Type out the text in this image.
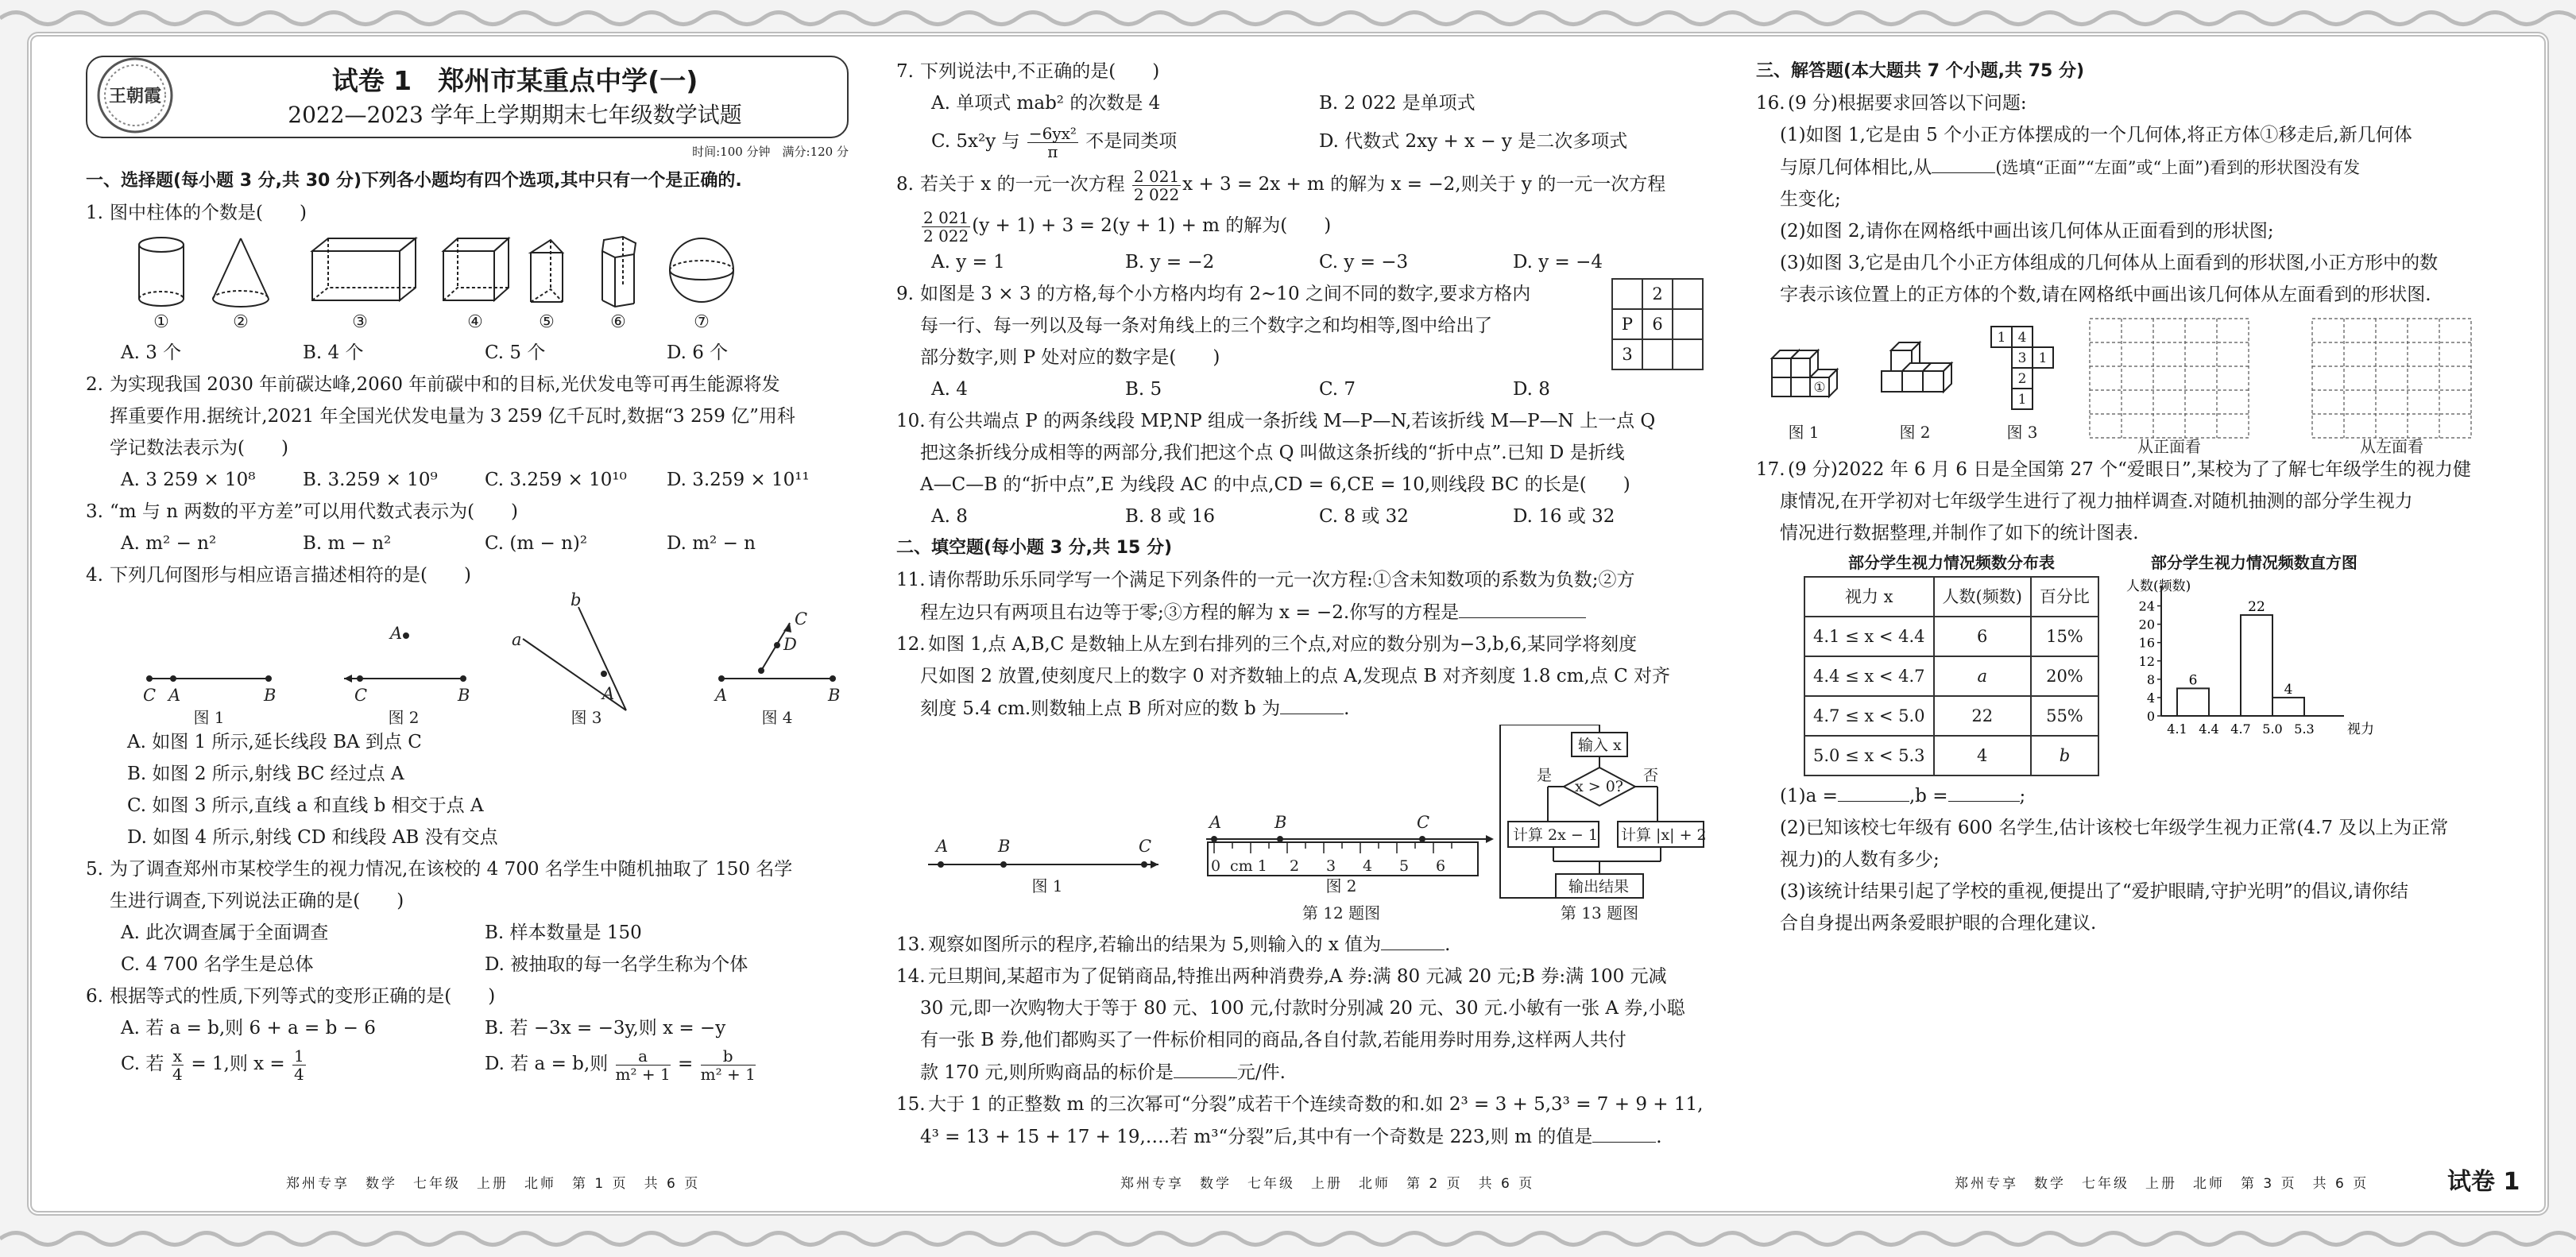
王朝霞	试卷 1　郑州市某重点中学(一)
2022—2023 学年上学期期末七年级数学试题
时间:100 分钟　满分:120 分
一、选择题(每小题 3 分,共 30 分)下列各小题均有四个选项,其中只有一个是正确的.
1. 图中柱体的个数是(　　)
①	②	③	④	⑤	⑥	⑦
A. 3 个	B. 4 个	C. 5 个	D. 6 个
2. 为实现我国 2030 年前碳达峰,2060 年前碳中和的目标,光伏发电等可再生能源将发
挥重要作用.据统计,2021 年全国光伏发电量为 3 259 亿千瓦时,数据“3 259 亿”用科
学记数法表示为(　　)
A. 3 259 × 10⁸	B. 3.259 × 10⁹	C. 3.259 × 10¹⁰	D. 3.259 × 10¹¹
3. “m 与 n 两数的平方差”可以用代数式表示为(　　)
A. m² − n²	B. m − n²	C. (m − n)²	D. m² − n
4. 下列几何图形与相应语言描述相符的是(　　)
C A	B	C	B
A	a
b
A	A	B
C
D
图 1	图 2	图 3	图 4
A. 如图 1 所示,延长线段 BA 到点 C
B. 如图 2 所示,射线 BC 经过点 A
C. 如图 3 所示,直线 a 和直线 b 相交于点 A
D. 如图 4 所示,射线 CD 和线段 AB 没有交点
5. 为了调查郑州市某校学生的视力情况,在该校的 4 700 名学生中随机抽取了 150 名学
生进行调查,下列说法正确的是(　　)
A. 此次调查属于全面调查	B. 样本数量是 150
C. 4 700 名学生是总体	D. 被抽取的每一名学生称为个体
6. 根据等式的性质,下列等式的变形正确的是(　　)
A. 若 a = b,则 6 + a = b − 6	B. 若 −3x = −3y,则 x = −y
C. 若 $\frac{x}{4} = 1$,则 $x = \frac{1}{4}$	D. 若 a = b,则 $\frac{a}{\text{m² + 1}} = \frac{b}{\text{m² + 1}}$
7. 下列说法中,不正确的是(　　)
A. 单项式 mab² 的次数是 4	B. 2 022 是单项式
C. 5x²y 与 $\frac{\text{−6yx²}}{\pi}$ 不是同类项	D. 代数式 2xy + x − y 是二次多项式
8. 若关于 x 的一元一次方程 $\frac{2 021}{2 022}$ x + 3 = 2x + m 的解为 x = −2,则关于 y 的一元一次方程
$\frac{2 021}{2 022} (y + 1) + 3 = 2(y + 1) + m$ 的解为(　　)
A. y = 1	B. y = −2	C. y = −3	D. y = −4
9. 如图是 3 × 3 的方格,每个小方格内均有 2~10 之间不同的数字,要求方格内
每一行、每一列以及每一条对角线上的三个数字之和均相等,图中给出了
部分数字,则 P 处对应的数字是(　　)
	2	
P	6	
3		
A. 4	B. 5	C. 7	D. 8
10. 有公共端点 P 的两条线段 MP,NP 组成一条折线 M—P—N,若该折线 M—P—N 上一点 Q
把这条折线分成相等的两部分,我们把这个点 Q 叫做这条折线的“折中点”.已知 D 是折线
A—C—B 的“折中点”,E 为线段 AC 的中点,CD = 6,CE = 10,则线段 BC 的长是(　　)
A. 8	B. 8 或 16	C. 8 或 32	D. 16 或 32
二、填空题(每小题 3 分,共 15 分)
11. 请你帮助乐乐同学写一个满足下列条件的一元一次方程:①含未知数项的系数为负数;②方
程左边只有两项且右边等于零;③方程的解为 x = −2.你写的方程是
12. 如图 1,点 A,B,C 是数轴上从左到右排列的三个点,对应的数分别为−3,b,6,某同学将刻度
尺如图 2 放置,使刻度尺上的数字 0 对齐数轴上的点 A,发现点 B 对齐刻度 1.8 cm,点 C 对齐
刻度 5.4 cm.则数轴上点 B 所对应的数 b 为	.
A	B	C
A	B	C
0 cm 1 2 3 4 5 6
输入 x
x > 0?
是	否
计算 2x − 1 计算 |x| + 2
输出结果
图 1	图 2
第 12 题图	第 13 题图
13. 观察如图所示的程序,若输出的结果为 5,则输入的 x 值为	.
14. 元旦期间,某超市为了促销商品,特推出两种消费券,A 券:满 80 元减 20 元;B 券:满 100 元减
30 元,即一次购物大于等于 80 元、100 元,付款时分别减 20 元、30 元.小敏有一张 A 券,小聪
有一张 B 券,他们都购买了一件标价相同的商品,各自付款,若能用券时用券,这样两人共付
款 170 元,则所购商品的标价是	元/件.
15. 大于 1 的正整数 m 的三次幂可“分裂”成若干个连续奇数的和.如 2³ = 3 + 5,3³ = 7 + 9 + 11,
4³ = 13 + 15 + 17 + 19,….若 m³“分裂”后,其中有一个奇数是 223,则 m 的值是	.
三、解答题(本大题共 7 个小题,共 75 分)
16. (9 分)根据要求回答以下问题:
(1)如图 1,它是由 5 个小正方体摆成的一个几何体,将正方体①移走后,新几何体
与原几何体相比,从	(选填“正面”“左面”或“上面”)看到的形状图没有发
生变化;
(2)如图 2,请你在网格纸中画出该几何体从正面看到的形状图;
(3)如图 3,它是由几个小正方体组成的几何体从上面看到的形状图,小正方形中的数
字表示该位置上的正方体的个数,请在网格纸中画出该几何体从左面看到的形状图.
①
1 4
3 1
2
1
图 1	图 2	图 3
从正面看	从左面看
17. (9 分)2022 年 6 月 6 日是全国第 27 个“爱眼日”,某校为了了解七年级学生的视力健
康情况,在开学初对七年级学生进行了视力抽样调查.对随机抽测的部分学生视力
情况进行数据整理,并制作了如下的统计图表.
部分学生视力情况频数分布表
视力 x	人数(频数)	百分比
4.1 ≤ x < 4.4	6	15%
4.4 ≤ x < 4.7	a	20%
4.7 ≤ x < 5.0	22	55%
5.0 ≤ x < 5.3	4	b
部分学生视力情况频数直方图
人数(频数)
视力
0
4
8
12
16
20
24
4.1 4.4 4.7 5.0 5.3
6
22
4
(1)a =	,b =	;
(2)已知该校七年级有 600 名学生,估计该校七年级学生视力正常(4.7 及以上为正常
视力)的人数有多少;
(3)该统计结果引起了学校的重视,便提出了“爱护眼睛,守护光明”的倡议,请你结
合自身提出两条爱眼护眼的合理化建议.
郑州专享　数学　七年级　上册　北师　第 1 页　共 6 页	郑州专享　数学　七年级　上册　北师　第 2 页　共 6 页	郑州专享　数学　七年级　上册　北师　第 3 页　共 6 页	试卷 1
